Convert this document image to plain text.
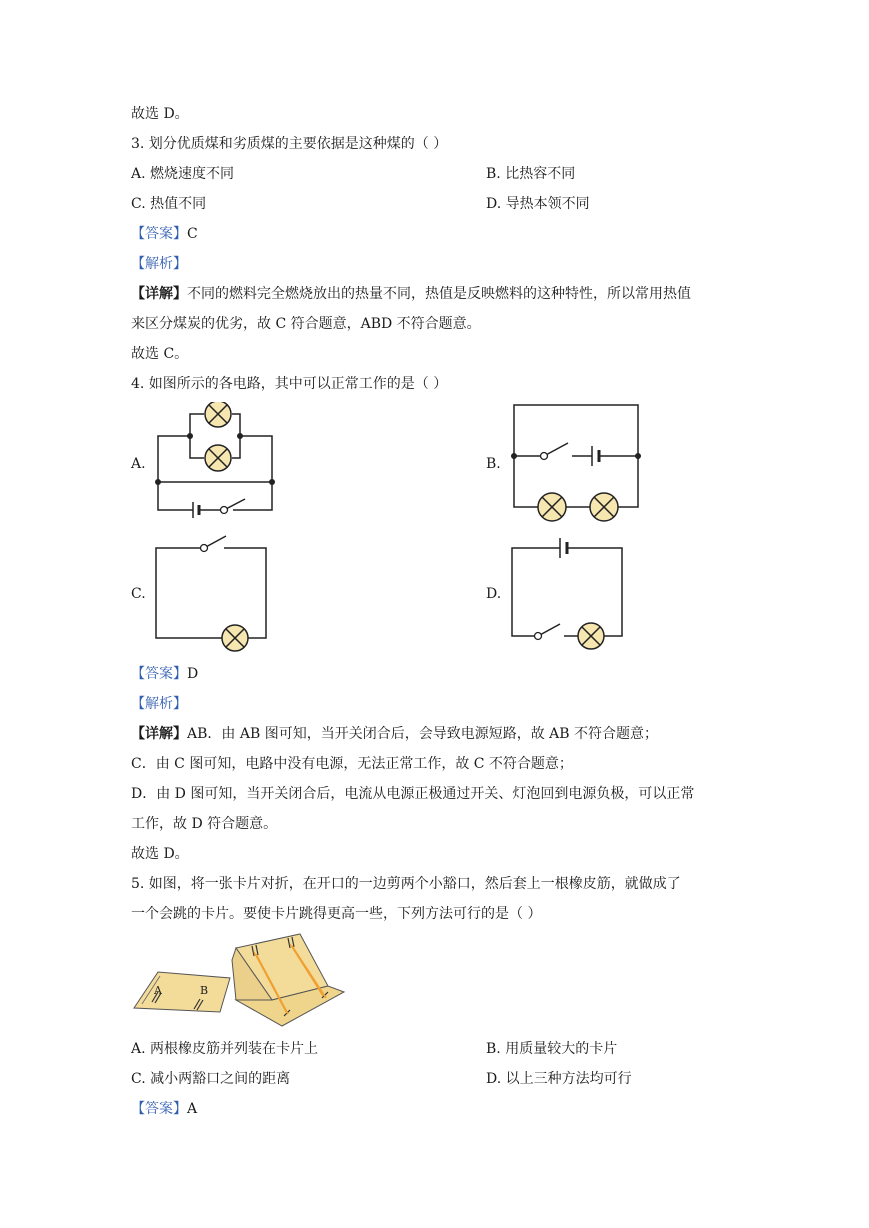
故选 D。
3. 划分优质煤和劣质煤的主要依据是这种煤的（ ）
A. 燃烧速度不同	B. 比热容不同
C. 热值不同	D. 导热本领不同
【答案】C
【解析】
【详解】不同的燃料完全燃烧放出的热量不同，热值是反映燃料的这种特性，所以常用热值
来区分煤炭的优劣，故 C 符合题意，ABD 不符合题意。
故选 C。
4. 如图所示的各电路，其中可以正常工作的是（ ）
A.	B.
C.	D.
【答案】D
【解析】
【详解】AB．由 AB 图可知，当开关闭合后，会导致电源短路，故 AB 不符合题意；
C．由 C 图可知，电路中没有电源，无法正常工作，故 C 不符合题意；
D．由 D 图可知，当开关闭合后，电流从电源正极通过开关、灯泡回到电源负极，可以正常
工作，故 D 符合题意。
故选 D。
5. 如图，将一张卡片对折，在开口的一边剪两个小豁口，然后套上一根橡皮筋，就做成了
一个会跳的卡片。要使卡片跳得更高一些，下列方法可行的是（ ）
A	B
A. 两根橡皮筋并列装在卡片上	B. 用质量较大的卡片
C. 减小两豁口之间的距离	D. 以上三种方法均可行
【答案】A
